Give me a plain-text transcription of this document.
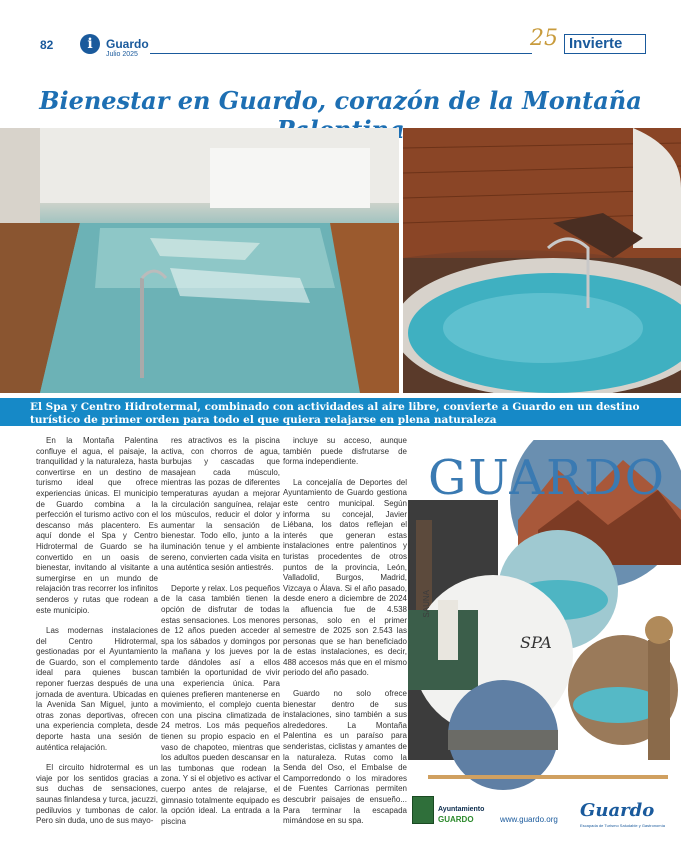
82	i	Guardo
Julio 2025
25 Invierte
Bienestar en Guardo, corazón de la Montaña
El Spa y Centro Hidrotermal, combinado con actividades al aire libre, convierte a Guardo en un destino turístico de primer orden para todo el que quiera relajarse en plena naturaleza

En la Montaña Palentina confluye el agua, el paisaje, la tranquilidad y la naturaleza, hasta convertirse en un destino de turismo ideal que ofrece experiencias únicas. El municipio de Guardo combina a la perfección el turismo activo con el descanso más placentero. Es aquí donde el Spa y Centro Hidrotermal de Guardo se ha convertido en un oasis de bienestar, invitando al visitante a sumergirse en un mundo de relajación tras recorrer los infinitos senderos y rutas que rodean a este municipio.

Las modernas instalaciones del Centro Hidrotermal, gestionadas por el Ayuntamiento de Guardo, son el complemento ideal para quienes buscan reponer fuerzas después de una jornada de aventura. Ubicadas en la Avenida San Miguel, junto a otras zonas deportivas, ofrecen una experiencia completa, desde deporte hasta una sesión de auténtica relajación.

El circuito hidrotermal es un viaje por los sentidos gracias a sus duchas de sensaciones, saunas finlandesa y turca, jacuzzi, pediluvios y tumbonas de calor. Pero sin duda, uno de sus mayo-

res atractivos es la piscina activa, con chorros de agua, burbujas y cascadas que masajean cada músculo, mientras las pozas de diferentes temperaturas ayudan a mejorar la circulación sanguínea, relajar los músculos, reducir el dolor y aumentar la sensación de bienestar. Todo ello, junto a la iluminación tenue y el ambiente sereno, convierten cada visita en una auténtica sesión antiestrés.

Deporte y relax. Los pequeños de la casa también tienen la opción de disfrutar de todas estas sensaciones. Los menores de 12 años pueden acceder al spa los sábados y domingos por la mañana y los jueves por la tarde dándoles así a ellos también la oportunidad de vivir una experiencia única. Para quienes prefieren mantenerse en movimiento, el complejo cuenta con una piscina climatizada de 24 metros. Los más pequeños tienen su propio espacio en el vaso de chapoteo, mientras que los adultos pueden descansar en las tumbonas que rodean la zona. Y si el objetivo es activar el cuerpo antes de relajarse, el gimnasio totalmente equipado es la opción ideal. La entrada a la piscina

incluye su acceso, aunque también puede disfrutarse de forma independiente.

La concejalía de Deportes del Ayuntamiento de Guardo gestiona este centro municipal. Según informa su concejal, Javier Liébana, los datos reflejan el interés que generan estas instalaciones entre palentinos y turistas procedentes de otros puntos de la provincia, León, Valladolid, Burgos, Madrid, Vizcaya o Álava. Si el año pasado, desde enero a diciembre de 2024 la afluencia fue de 4.538 personas, solo en el primer semestre de 2025 son 2.543 las personas que se han beneficiado de estas instalaciones, es decir, 488 accesos más que en el mismo periodo del año pasado.

Guardo no solo ofrece bienestar dentro de sus instalaciones, sino también a sus alrededores. La Montaña Palentina es un paraíso para senderistas, ciclistas y amantes de la naturaleza. Rutas como la Senda del Oso, el Embalse de Camporredondo o los miradores de Fuentes Carrionas permiten descubrir paisajes de ensueño... Para terminar la escapada mimándose en su spa.

GUARDO
SAUNA
SPA
Ayuntamiento
GUARDO	www.guardo.org Guardo
Escapada de Turismo Saludable y Gastronomía
